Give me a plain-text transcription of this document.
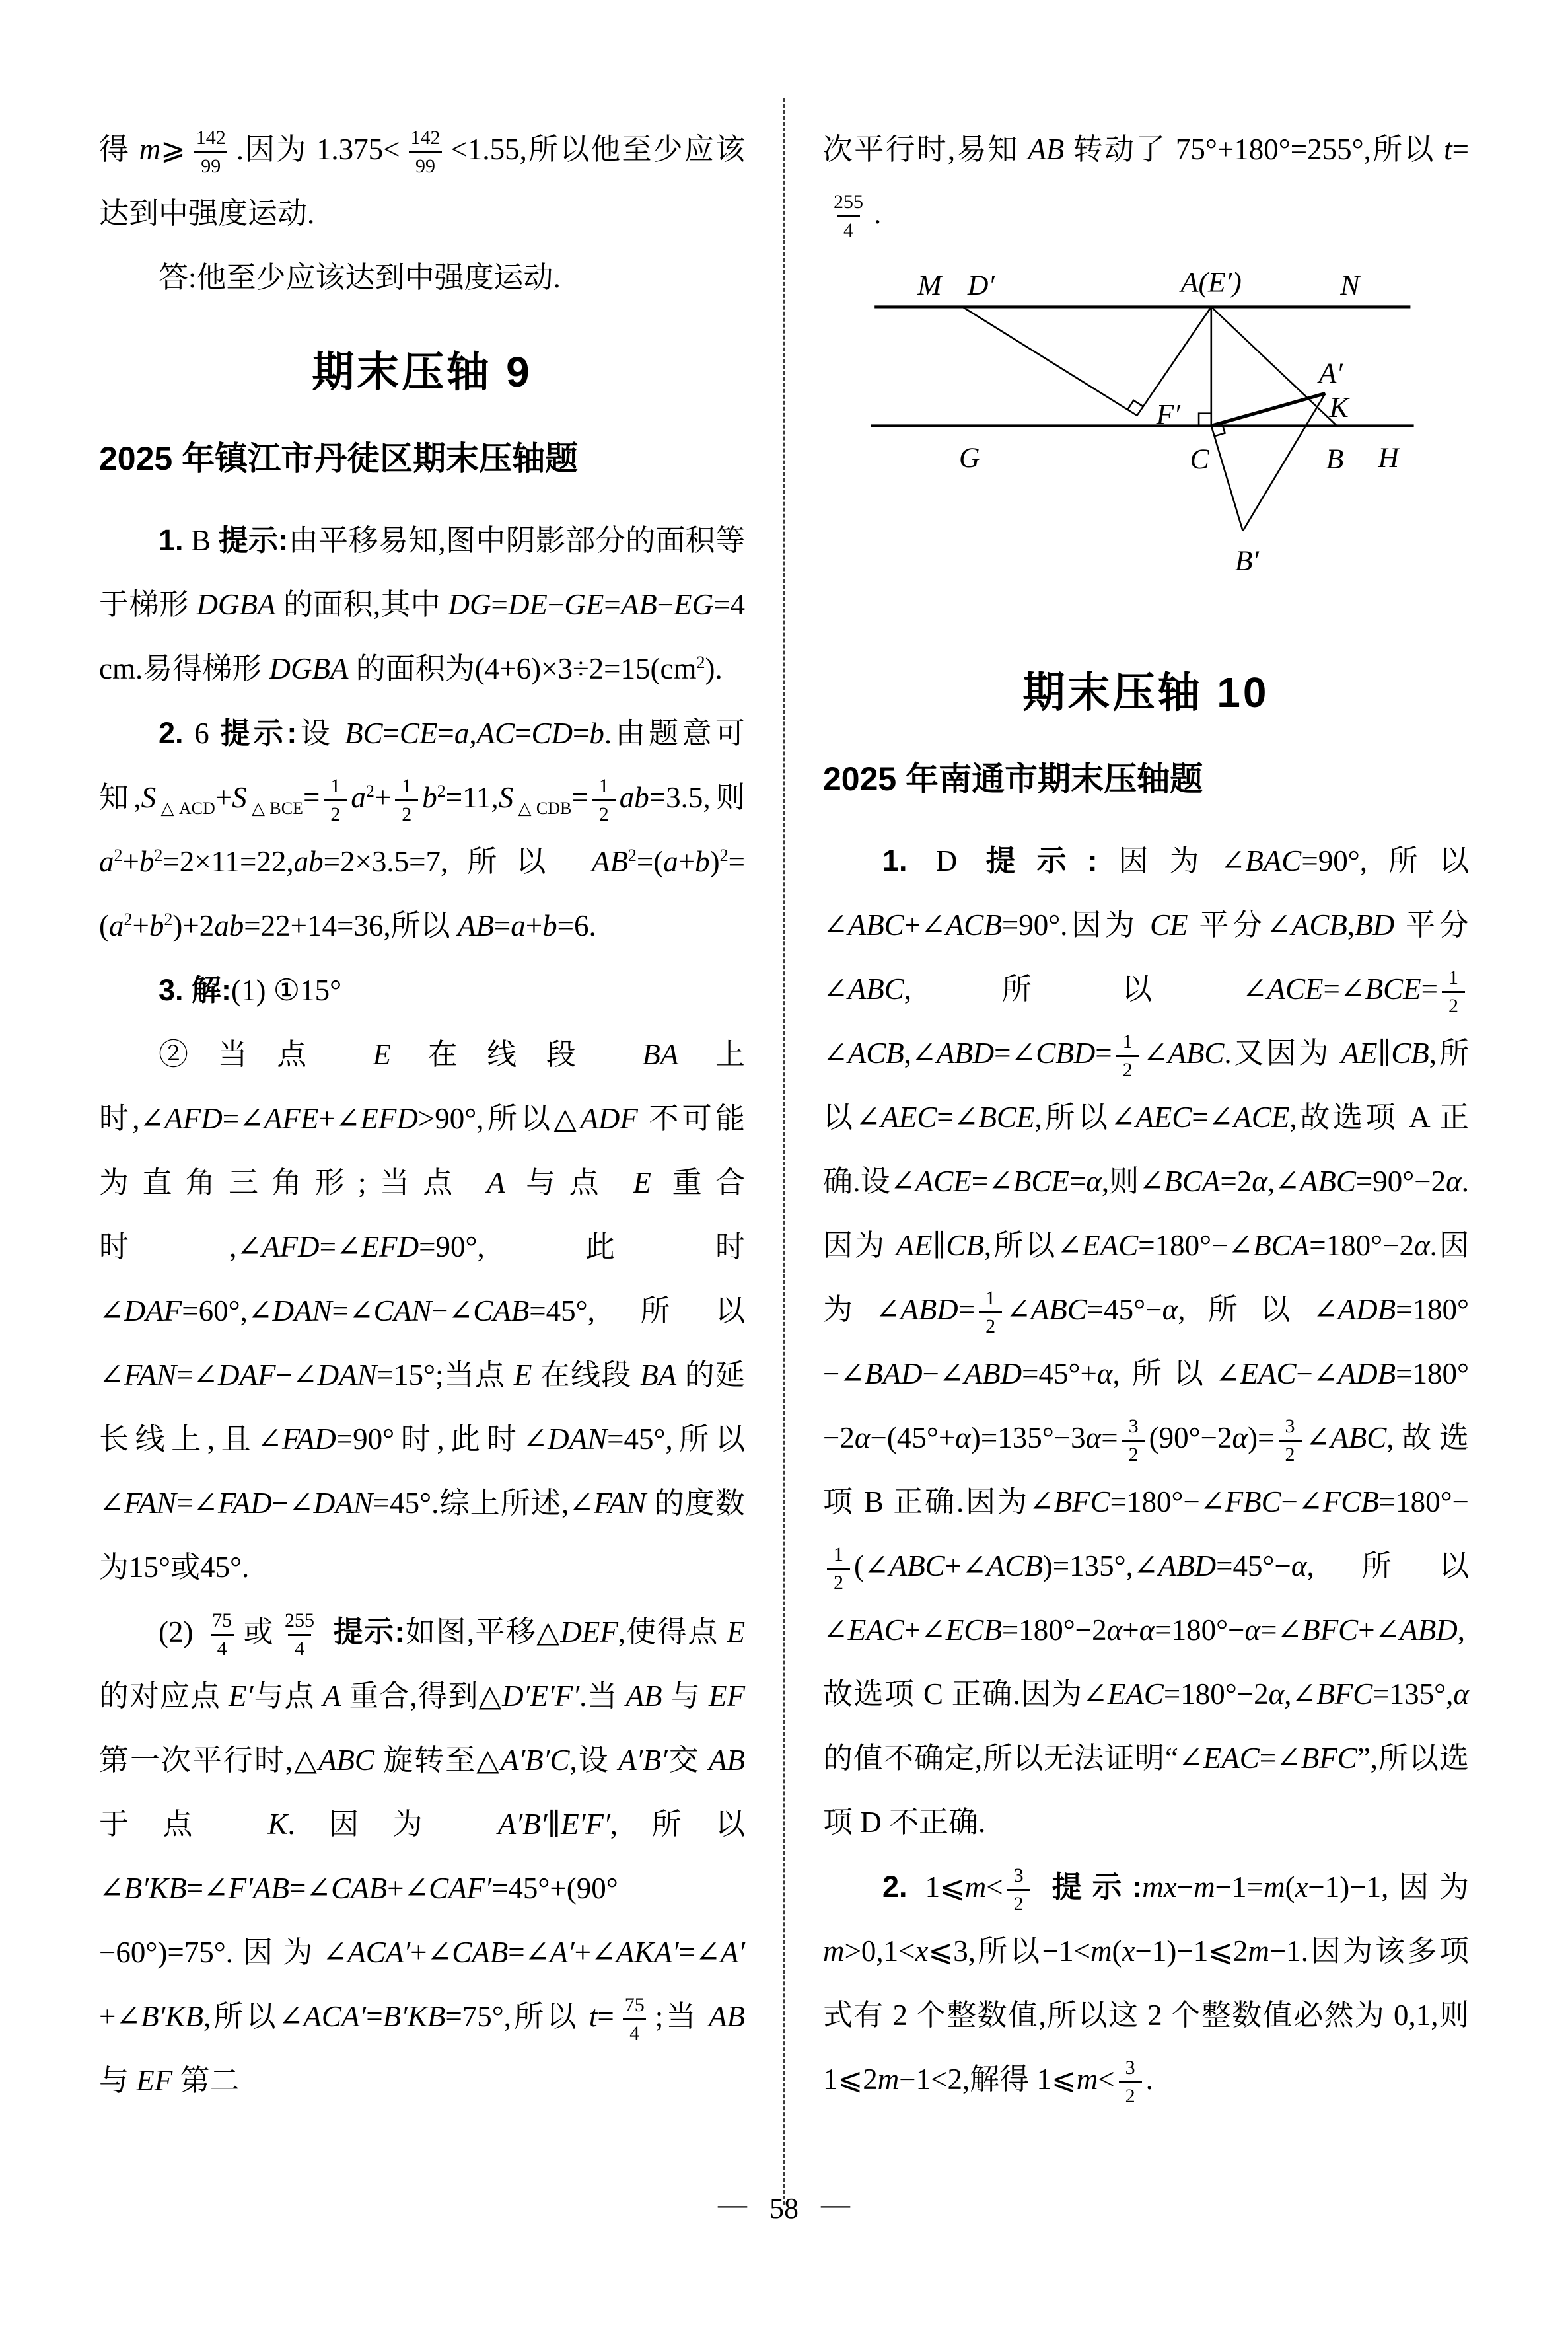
得 m⩾ $\frac{142}{99}$ .因为 $1.375< \frac{142}{99} <1.55$,所以他至少应该达到中强度运动.

答:他至少应该达到中强度运动.

期末压轴 9
2025 年镇江市丹徒区期末压轴题

1. B 提示:由平移易知,图中阴影部分的面积等于梯形 DGBA 的面积,其中 DG=DE−GE=AB−EG=4 cm.易得梯形 DGBA 的面积为$(4+6)\times 3\div 2=15(cm^2)$.

2. 6 提示:设 BC=CE=a,AC=CD=b.由题意可知$,S_{\triangle ACD}+S_{\triangle BCE}= \frac{1}{2} a^2+ \frac{1}{2} b^2=11,S_{\triangle CDB}= \frac{1}{2} ab=3.5$,则 $a^2+b^2=2\times 11=22,ab=2\times 3.5=7$,所以 $AB^2=(a+b)^2=(a^2+b^2)+2ab=22+14=36$,所以 AB=a+b=6.

3. 解:(1) ①15°

②当点 E 在线段 BA 上时,∠AFD=∠AFE+∠EFD>90°,所以△ADF 不可能为直角三角形;当点 A 与点 E 重合时,∠AFD=∠EFD=90°,此时∠DAF=60°,∠DAN=∠CAN−∠CAB=45°,所以∠FAN=∠DAF−∠DAN=15°;当点 E 在线段 BA 的延长线上,且∠FAD=90°时,此时∠DAN=45°,所以∠FAN=∠FAD−∠DAN=45°.综上所述,∠FAN 的度数为15°或45°.

$(2) \frac{75}{4}$ 或 $\frac{255}{4}$ 提示:如图,平移△DEF,使得点 E 的对应点 E′与点 A 重合,得到△D′E′F′.当 AB 与 EF 第一次平行时,△ABC 旋转至△A′B′C,设 A′B′交 AB 于点 K.因为 A′B′∥E′F′,所以∠B′KB=∠F′AB=∠CAB+∠CAF′=45°+(90°−60°)=75°.因为∠ACA′+∠CAB=∠A′+∠AKA′=∠A′+∠B′KB,所以∠ACA′=B′KB=75°,所以 $t= \frac{75}{4}$ ;当 AB 与 EF 第二

次平行时,易知 AB 转动了 75°+180°=255°,所以 t=
$\frac{255}{4}$ .

M D′	A(E′)	N
F′
A′
K
G	C	B H
B′
期末压轴 10
2025 年南通市期末压轴题

1. D 提示:因为∠BAC=90°,所以∠ABC+∠ACB=90°.因为 CE 平分∠ACB,BD 平分∠ABC,所以∠ACE=∠BCE= $\frac{1}{2}$
∠ACB,∠ABD=∠CBD= $\frac{1}{2}$ ∠ABC.又因为 AE∥CB,所以∠AEC=∠BCE,所以∠AEC=∠ACE,故选项 A 正确.设∠ACE=∠BCE=α,则∠BCA=2α,∠ABC=90°−2α.因为 AE∥CB,所以∠EAC=180°−∠BCA=180°−2α.因为∠ABD= $\frac{1}{2}$ ∠ABC=45°−α,所以∠ADB=180°−∠BAD−∠ABD=45°+α,所以∠EAC−∠ADB=180°−2α−(45°+α)=135°−3α= $\frac{3}{2} (90^\circ-2\alpha)= \frac{3}{2}$ ∠ABC,故选项 B 正确.因为∠BFC=180°−∠FBC−∠FCB=180°−
$\frac{1}{2}$ (∠ABC+∠ACB)=135°,∠ABD=45°−α,所以∠EAC+∠ECB=180°−2α+α=180°−α=∠BFC+∠ABD,故选项 C 正确.因为∠EAC=180°−2α,∠BFC=135°,α 的值不确定,所以无法证明“∠EAC=∠BFC”,所以选项 D 不正确.

2. 1⩽m< $\frac{3}{2}$ 提示:mx−m−1=m(x−1)−1,因为 m>0,1<x⩽3,所以−1<m(x−1)−1⩽2m−1.因为该多项式有 2 个整数值,所以这 2 个整数值必然为 0,1,则 1⩽2m−1<2,解得 1⩽m< $\frac{3}{2}$ .

— 58 —
